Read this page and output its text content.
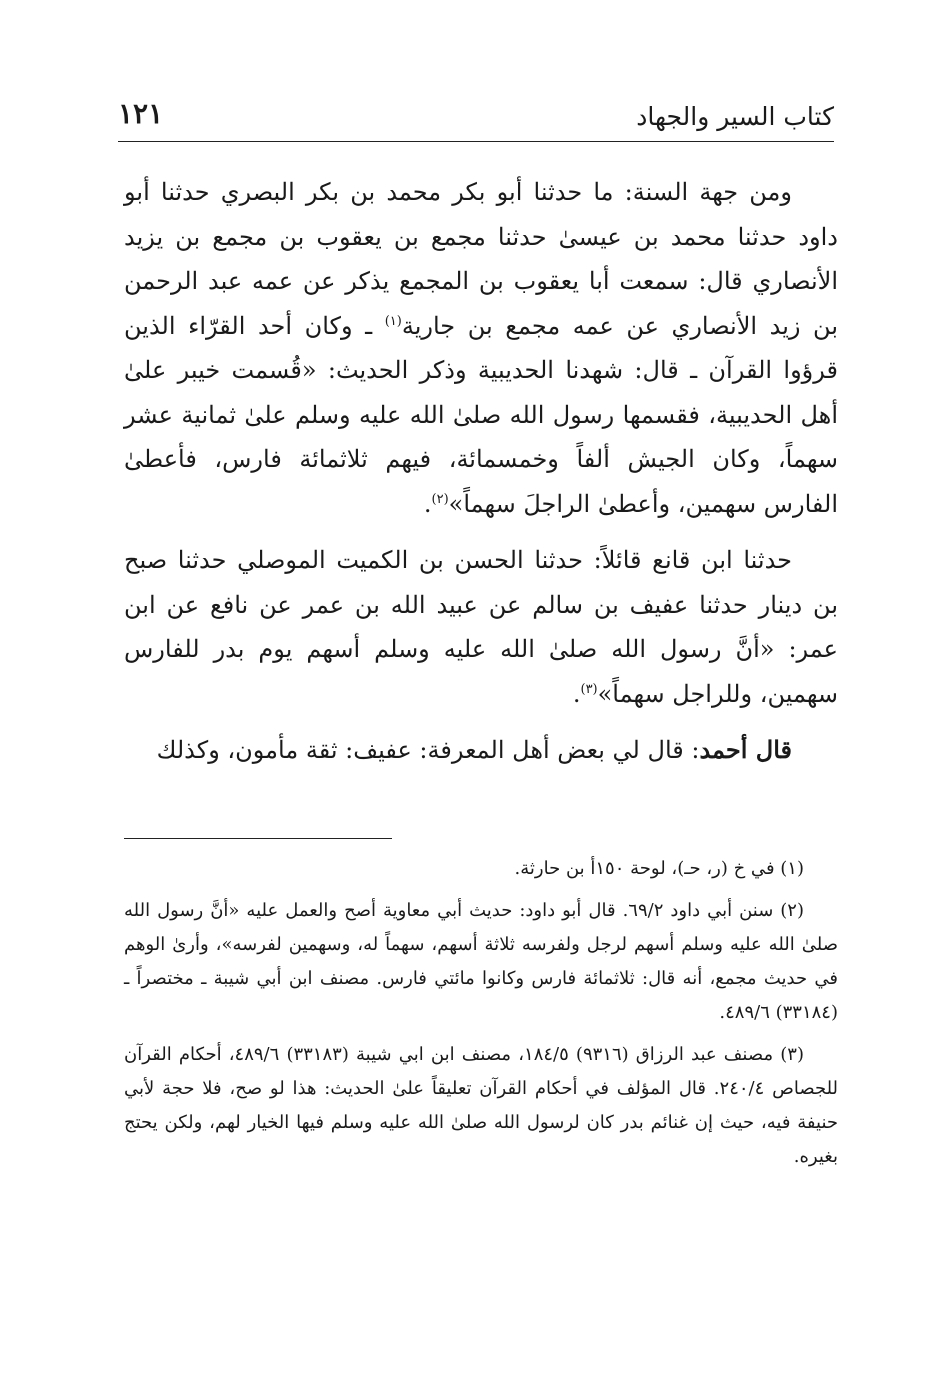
كتاب السير والجهاد
١٢١

ومن جهة السنة: ما حدثنا أبو بكر محمد بن بكر البصري حدثنا أبو داود حدثنا محمد بن عيسىٰ حدثنا مجمع بن يعقوب بن مجمع بن يزيد الأنصاري قال: سمعت أبا يعقوب بن المجمع يذكر عن عمه عبد الرحمن بن زيد الأنصاري عن عمه مجمع بن جارية$^{(١)}$ ـ وكان أحد القرّاء الذين قرؤوا القرآن ـ قال: شهدنا الحديبية وذكر الحديث: «قُسمت خيبر علىٰ أهل الحديبية، فقسمها رسول الله صلىٰ الله عليه وسلم علىٰ ثمانية عشر سهماً، وكان الجيش ألفاً وخمسمائة، فيهم ثلاثمائة فارس، فأعطىٰ الفارس سهمين، وأعطىٰ الراجلَ سهماً»$^{(٢)}$.

حدثنا ابن قانع قائلاً: حدثنا الحسن بن الكميت الموصلي حدثنا صبح بن دينار حدثنا عفيف بن سالم عن عبيد الله بن عمر عن نافع عن ابن عمر: «أنَّ رسول الله صلىٰ الله عليه وسلم أسهم يوم بدر للفارس سهمين، وللراجل سهماً»$^{(٣)}$.

قال أحمد: قال لي بعض أهل المعرفة: عفيف: ثقة مأمون، وكذلك

(١) في خ (ر، حـ)، لوحة ١٥٠أ بن حارثة.

(٢) سنن أبي داود ٦٩/٢. قال أبو داود: حديث أبي معاوية أصح والعمل عليه «أنَّ رسول الله صلىٰ الله عليه وسلم أسهم لرجل ولفرسه ثلاثة أسهم، سهماً له، وسهمين لفرسه»، وأرىٰ الوهم في حديث مجمع، أنه قال: ثلاثمائة فارس وكانوا مائتي فارس. مصنف ابن أبي شيبة ـ مختصراً ـ (٣٣١٨٤) ٤٨٩/٦.

(٣) مصنف عبد الرزاق (٩٣١٦) ١٨٤/٥، مصنف ابن ابي شيبة (٣٣١٨٣) ٤٨٩/٦، أحكام القرآن للجصاص ٢٤٠/٤. قال المؤلف في أحكام القرآن تعليقاً علىٰ الحديث: هذا لو صح، فلا حجة لأبي حنيفة فيه، حيث إن غنائم بدر كان لرسول الله صلىٰ الله عليه وسلم فيها الخيار لهم، ولكن يحتج بغيره.
